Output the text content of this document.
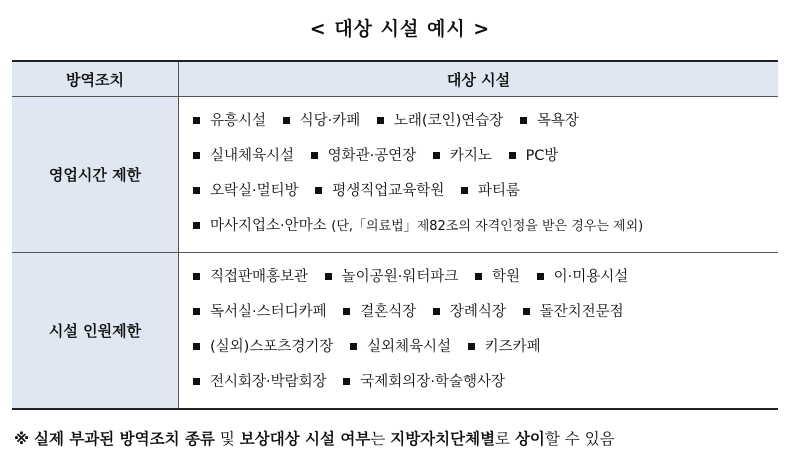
< 대상 시설 예시 >
방역조치	대상 시설
영업시간 제한	유흥시설 식당·카페 노래(코인)연습장 목욕장
실내체육시설 영화관·공연장 카지노 PC방
오락실·멀티방 평생직업교육학원 파티룸
마사지업소·안마소 (단,「의료법」제82조의 자격인정을 받은 경우는 제외)

시설 인원제한	직접판매홍보관 놀이공원·워터파크 학원 이·미용시설
독서실·스터디카페 결혼식장 장례식장 돌잔치전문점
(실외)스포츠경기장 실외체육시설 키즈카페
전시회장·박람회장 국제회의장·학술행사장
※ 실제 부과된 방역조치 종류 및 보상대상 시설 여부는 지방자치단체별로 상이할 수 있음
